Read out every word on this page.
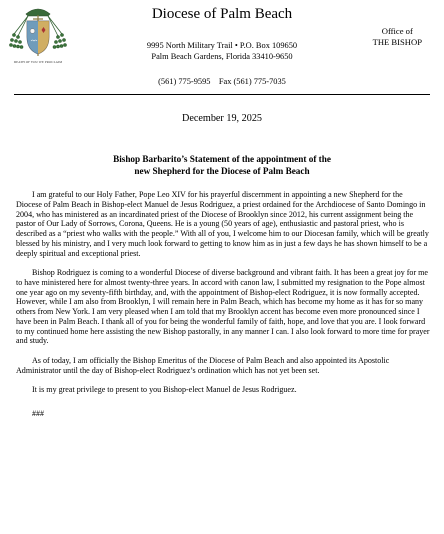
DEATH OF YOU WE PROCLAIM
Diocese of Palm Beach
Office of
THE BISHOP
9995 North Military Trail • P.O. Box 109650
Palm Beach Gardens, Florida 33410-9650
(561) 775-9595    Fax (561) 775-7035
December 19, 2025
Bishop Barbarito’s Statement of the appointment of the
new Shepherd for the Diocese of Palm Beach

I am grateful to our Holy Father, Pope Leo XIV for his prayerful discernment in appointing a new Shepherd for the Diocese of Palm Beach in Bishop-elect Manuel de Jesus Rodriguez, a priest ordained for the Archdiocese of Santo Domingo in 2004, who has ministered as an incardinated priest of the Diocese of Brooklyn since 2012, his current assignment being the pastor of Our Lady of Sorrows, Corona, Queens. He is a young (50 years of age), enthusiastic and pastoral priest, who is described as a “priest who walks with the people.” With all of you, I welcome him to our Diocesan family, which will be greatly blessed by his ministry, and I very much look forward to getting to know him as in just a few days he has shown himself to be a deeply spiritual and exceptional priest.

Bishop Rodriguez is coming to a wonderful Diocese of diverse background and vibrant faith. It has been a great joy for me to have ministered here for almost twenty-three years. In accord with canon law, I submitted my resignation to the Pope almost one year ago on my seventy-fifth birthday, and, with the appointment of Bishop-elect Rodriguez, it is now formally accepted. However, while I am also from Brooklyn, I will remain here in Palm Beach, which has become my home as it has for so many others from New York. I am very pleased when I am told that my Brooklyn accent has become even more pronounced since I have been in Palm Beach. I thank all of you for being the wonderful family of faith, hope, and love that you are. I look forward to my continued home here assisting the new Bishop pastorally, in any manner I can. I also look forward to more time for prayer and study.

As of today, I am officially the Bishop Emeritus of the Diocese of Palm Beach and also appointed its Apostolic Administrator until the day of Bishop-elect Rodriguez’s ordination which has not yet been set.

It is my great privilege to present to you Bishop-elect Manuel de Jesus Rodriguez.

###
